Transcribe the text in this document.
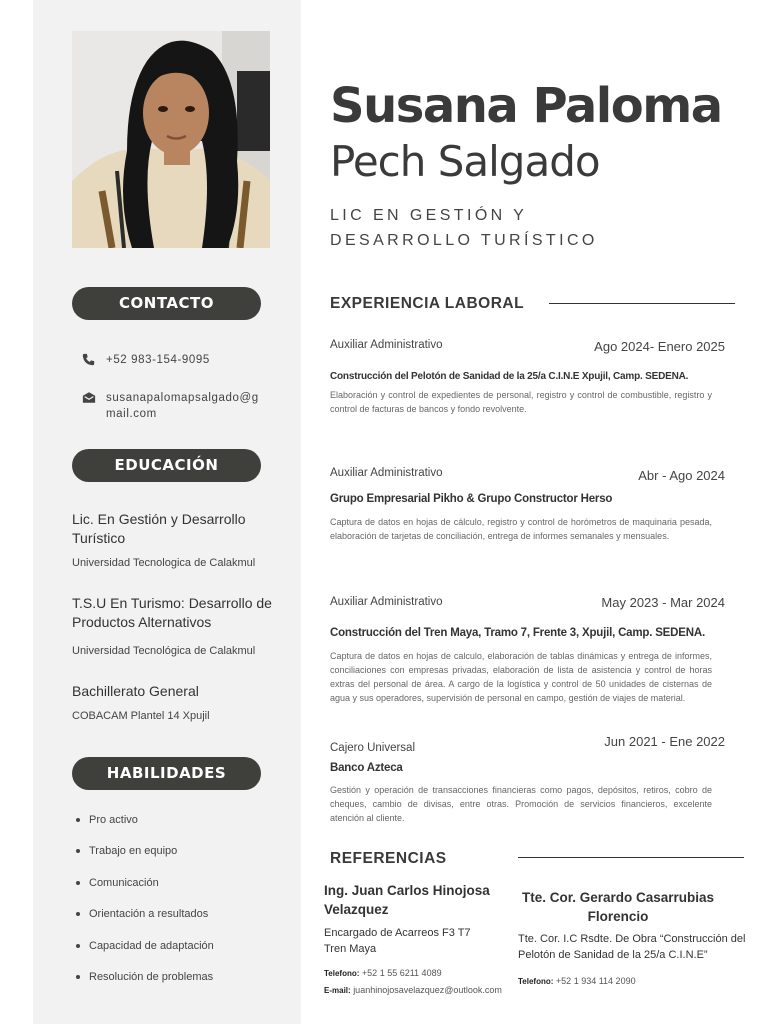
CONTACTO
+52 983-154-9095
susanapalomapsalgado@gmail.com
EDUCACIÓN
Lic. En Gestión y Desarrollo Turístico
Universidad Tecnologica de Calakmul
T.S.U En Turismo: Desarrollo de Productos Alternativos
Universidad Tecnológica de Calakmul
Bachillerato General
COBACAM Plantel 14 Xpujil
HABILIDADES
Pro activo
Trabajo en equipo
Comunicación
Orientación a resultados
Capacidad de adaptación
Resolución de problemas
Susana Paloma
Pech Salgado
LIC EN GESTIÓN Y
DESARROLLO TURÍSTICO
EXPERIENCIA LABORAL
Auxiliar Administrativo	Ago 2024- Enero 2025
Construcción del Pelotón de Sanidad de la 25/a C.I.N.E Xpujil, Camp. SEDENA.
Elaboración y control de expedientes de personal, registro y control de combustible, registro y control de facturas de bancos y fondo revolvente.
Auxiliar Administrativo	Abr - Ago 2024
Grupo Empresarial Pikho & Grupo Constructor Herso
Captura de datos en hojas de cálculo, registro y control de horómetros de maquinaria pesada, elaboración de tarjetas de conciliación, entrega de informes semanales y mensuales.
Auxiliar Administrativo	May 2023 - Mar 2024
Construcción del Tren Maya, Tramo 7, Frente 3, Xpujil, Camp. SEDENA.
Captura de datos en hojas de calculo, elaboración de tablas dinámicas y entrega de informes, conciliaciones con empresas privadas, elaboración de lista de asistencia y control de horas extras del personal de área. A cargo de la logística y control de 50 unidades de cisternas de agua y sus operadores, supervisión de personal en campo, gestión de viajes de material.
Cajero Universal	Jun 2021 - Ene 2022
Banco Azteca
Gestión y operación de transacciones financieras como pagos, depósitos, retiros, cobro de cheques, cambio de divisas, entre otras. Promoción de servicios financieros, excelente atención al cliente.
REFERENCIAS
Ing. Juan Carlos Hinojosa Velazquez
Encargado de Acarreos F3 T7 Tren Maya
Telefono: +52 1 55 6211 4089
E-mail: juanhinojosavelazquez@outlook.com
Tte. Cor. Gerardo Casarrubias Florencio
Tte. Cor. I.C Rsdte. De Obra “Construcción del Pelotón de Sanidad de la 25/a C.I.N.E”
Telefono: +52 1 934 114 2090
